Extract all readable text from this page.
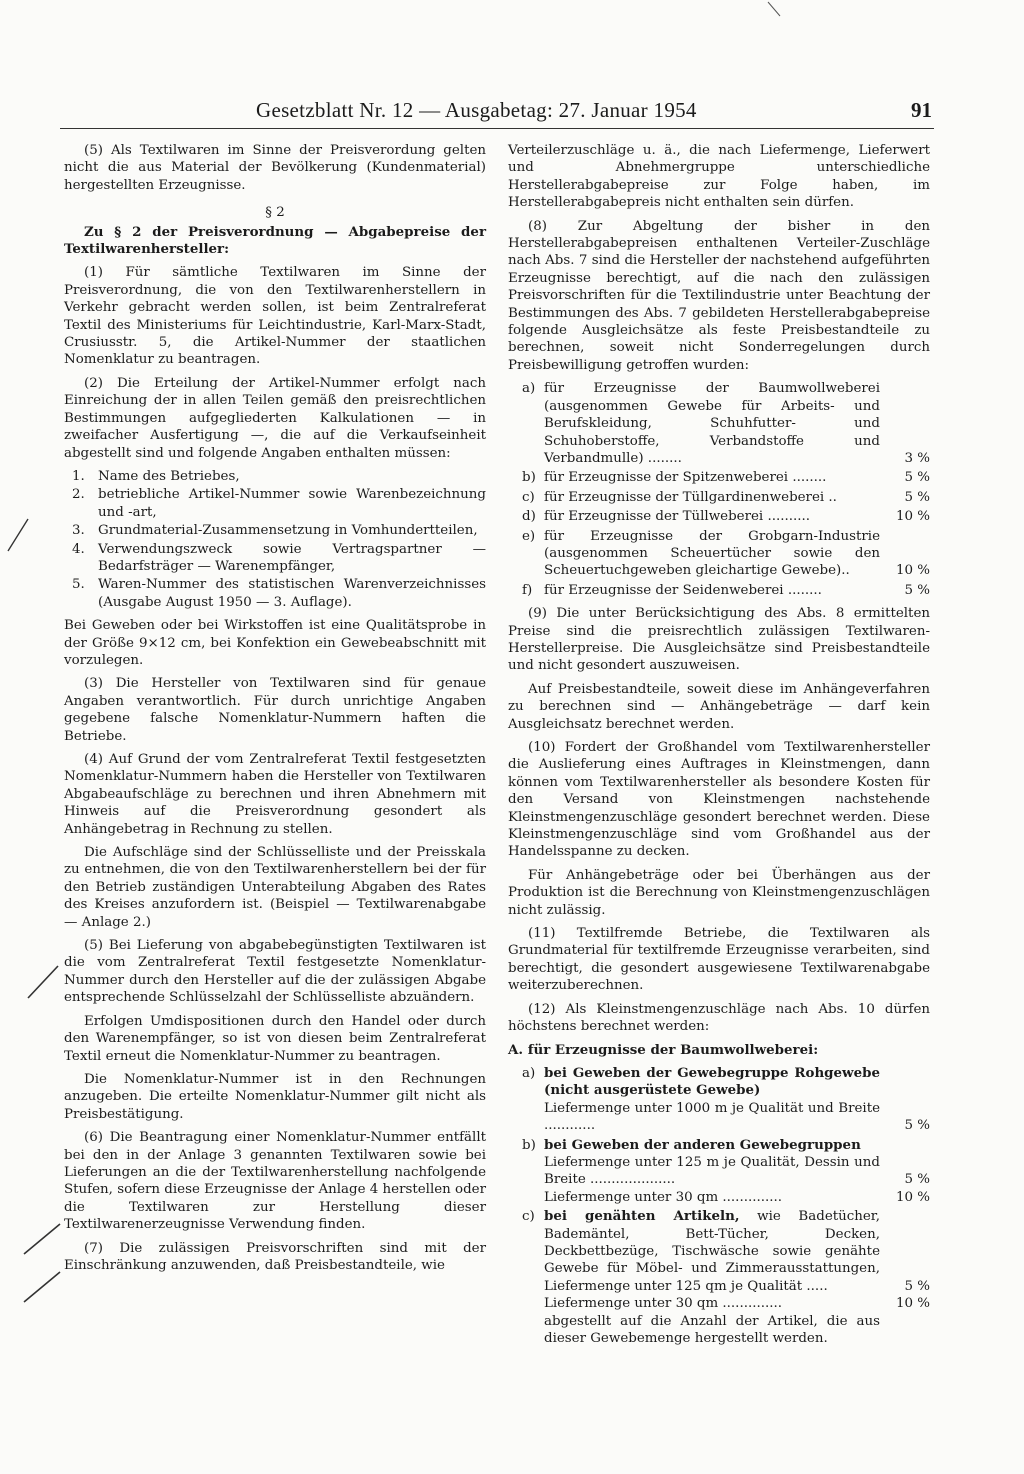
Gesetzblatt Nr. 12 — Ausgabetag: 27. Januar 1954	91

(5) Als Textilwaren im Sinne der Preisverordung gelten nicht die aus Material der Bevölkerung (Kundenmaterial) hergestellten Erzeugnisse.

§ 2

Zu § 2 der Preisverordnung — Abgabepreise der Textilwarenhersteller:

(1) Für sämtliche Textilwaren im Sinne der Preisverordnung, die von den Textilwarenherstellern in Verkehr gebracht werden sollen, ist beim Zentralreferat Textil des Ministeriums für Leichtindustrie, Karl-Marx-Stadt, Crusiusstr. 5, die Artikel-Nummer der staatlichen Nomenklatur zu beantragen.

(2) Die Erteilung der Artikel-Nummer erfolgt nach Einreichung der in allen Teilen gemäß den preisrechtlichen Bestimmungen aufgegliederten Kalkulationen — in zweifacher Ausfertigung —, die auf die Verkaufseinheit abgestellt sind und folgende Angaben enthalten müssen:

1. Name des Betriebes,
2. betriebliche Artikel-Nummer sowie Warenbezeichnung und -art,
3. Grundmaterial-Zusammensetzung in Vomhundertteilen,
4. Verwendungszweck sowie Vertragspartner — Bedarfsträger — Warenempfänger,
5. Waren-Nummer des statistischen Warenverzeichnisses (Ausgabe August 1950 — 3. Auflage).

Bei Geweben oder bei Wirkstoffen ist eine Qualitätsprobe in der Größe 9×12 cm, bei Konfektion ein Gewebeabschnitt mit vorzulegen.

(3) Die Hersteller von Textilwaren sind für genaue Angaben verantwortlich. Für durch unrichtige Angaben gegebene falsche Nomenklatur-Nummern haften die Betriebe.

(4) Auf Grund der vom Zentralreferat Textil festgesetzten Nomenklatur-Nummern haben die Hersteller von Textilwaren Abgabeaufschläge zu berechnen und ihren Abnehmern mit Hinweis auf die Preisverordnung gesondert als Anhängebetrag in Rechnung zu stellen.

Die Aufschläge sind der Schlüsselliste und der Preisskala zu entnehmen, die von den Textilwarenherstellern bei der für den Betrieb zuständigen Unterabteilung Abgaben des Rates des Kreises anzufordern ist. (Beispiel — Textilwarenabgabe — Anlage 2.)

(5) Bei Lieferung von abgabebegünstigten Textilwaren ist die vom Zentralreferat Textil festgesetzte Nomenklatur-Nummer durch den Hersteller auf die der zulässigen Abgabe entsprechende Schlüsselzahl der Schlüsselliste abzuändern.

Erfolgen Umdispositionen durch den Handel oder durch den Warenempfänger, so ist von diesen beim Zentralreferat Textil erneut die Nomenklatur-Nummer zu beantragen.

Die Nomenklatur-Nummer ist in den Rechnungen anzugeben. Die erteilte Nomenklatur-Nummer gilt nicht als Preisbestätigung.

(6) Die Beantragung einer Nomenklatur-Nummer entfällt bei den in der Anlage 3 genannten Textilwaren sowie bei Lieferungen an die der Textilwarenherstellung nachfolgende Stufen, sofern diese Erzeugnisse der Anlage 4 herstellen oder die Textilwaren zur Herstellung dieser Textilwarenerzeugnisse Verwendung finden.

(7) Die zulässigen Preisvorschriften sind mit der Einschränkung anzuwenden, daß Preisbestandteile, wie

Verteilerzuschläge u. ä., die nach Liefermenge, Lieferwert und Abnehmergruppe unterschiedliche Herstellerabgabepreise zur Folge haben, im Herstellerabgabepreis nicht enthalten sein dürfen.

(8) Zur Abgeltung der bisher in den Herstellerabgabepreisen enthaltenen Verteiler-Zuschläge nach Abs. 7 sind die Hersteller der nachstehend aufgeführten Erzeugnisse berechtigt, auf die nach den zulässigen Preisvorschriften für die Textilindustrie unter Beachtung der Bestimmungen des Abs. 7 gebildeten Herstellerabgabepreise folgende Ausgleichsätze als feste Preisbestandteile zu berechnen, soweit nicht Sonderregelungen durch Preisbewilligung getroffen wurden:

a) für Erzeugnisse der Baumwollweberei (ausgenommen Gewebe für Arbeits- und Berufskleidung, Schuhfutter- und Schuhoberstoffe, Verbandstoffe und Verbandmulle) ........	3 %
b) für Erzeugnisse der Spitzenweberei ........	5 %
c) für Erzeugnisse der Tüllgardinenweberei ..	5 %
d) für Erzeugnisse der Tüllweberei ..........	10 %
e) für Erzeugnisse der Grobgarn-Industrie (ausgenommen Scheuertücher sowie den Scheuertuchgeweben gleichartige Gewebe)..	10 %
f) für Erzeugnisse der Seidenweberei ........	5 %

(9) Die unter Berücksichtigung des Abs. 8 ermittelten Preise sind die preisrechtlich zulässigen Textilwaren-Herstellerpreise. Die Ausgleichsätze sind Preisbestandteile und nicht gesondert auszuweisen.

Auf Preisbestandteile, soweit diese im Anhängeverfahren zu berechnen sind — Anhängebeträge — darf kein Ausgleichsatz berechnet werden.

(10) Fordert der Großhandel vom Textilwarenhersteller die Auslieferung eines Auftrages in Kleinstmengen, dann können vom Textilwarenhersteller als besondere Kosten für den Versand von Kleinstmengen nachstehende Kleinstmengenzuschläge gesondert berechnet werden. Diese Kleinstmengenzuschläge sind vom Großhandel aus der Handelsspanne zu decken.

Für Anhängebeträge oder bei Überhängen aus der Produktion ist die Berechnung von Kleinstmengenzuschlägen nicht zulässig.

(11) Textilfremde Betriebe, die Textilwaren als Grundmaterial für textilfremde Erzeugnisse verarbeiten, sind berechtigt, die gesondert ausgewiesene Textilwarenabgabe weiterzuberechnen.

(12) Als Kleinstmengenzuschläge nach Abs. 10 dürfen höchstens berechnet werden:

A. für Erzeugnisse der Baumwollweberei:

a) bei Geweben der Gewebegruppe Rohgewebe (nicht ausgerüstete Gewebe)
Liefermenge unter 1000 m je Qualität und Breite ............	5 %
b) bei Geweben der anderen Gewebegruppen
Liefermenge unter 125 m je Qualität, Dessin und Breite ....................	5 %
Liefermenge unter 30 qm ..............	10 %
c) bei genähten Artikeln, wie Badetücher, Bademäntel, Bett-Tücher, Decken, Deckbettbezüge, Tischwäsche sowie genähte Gewebe für Möbel- und Zimmerausstattungen, Liefermenge unter 125 qm je Qualität .....	5 %
Liefermenge unter 30 qm ..............	10 %
abgestellt auf die Anzahl der Artikel, die aus dieser Gewebemenge hergestellt werden.
